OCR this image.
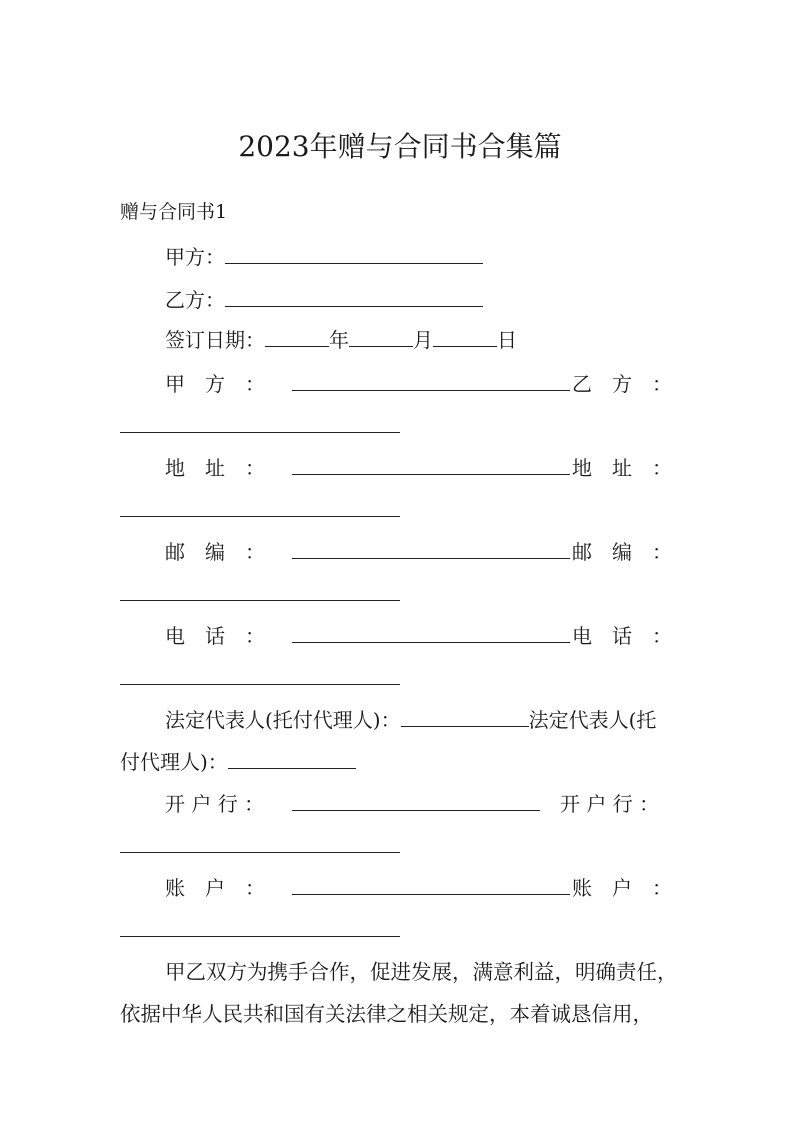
2023年赠与合同书合集篇
赠与合同书1
甲方：
乙方：
签订日期：	年	月	日
甲　方　：	乙　方　：
地　址　：	地　址　：
邮　编　：	邮　编　：
电　话　：	电　话　：
法定代表人(托付代理人)：	法定代表人(托
付代理人)：
开 户 行 ：	开 户 行 ：
账　户　：	账　户　：
甲乙双方为携手合作，促进发展，满意利益，明确责任，
依据中华人民共和国有关法律之相关规定，本着诚恳信用，
